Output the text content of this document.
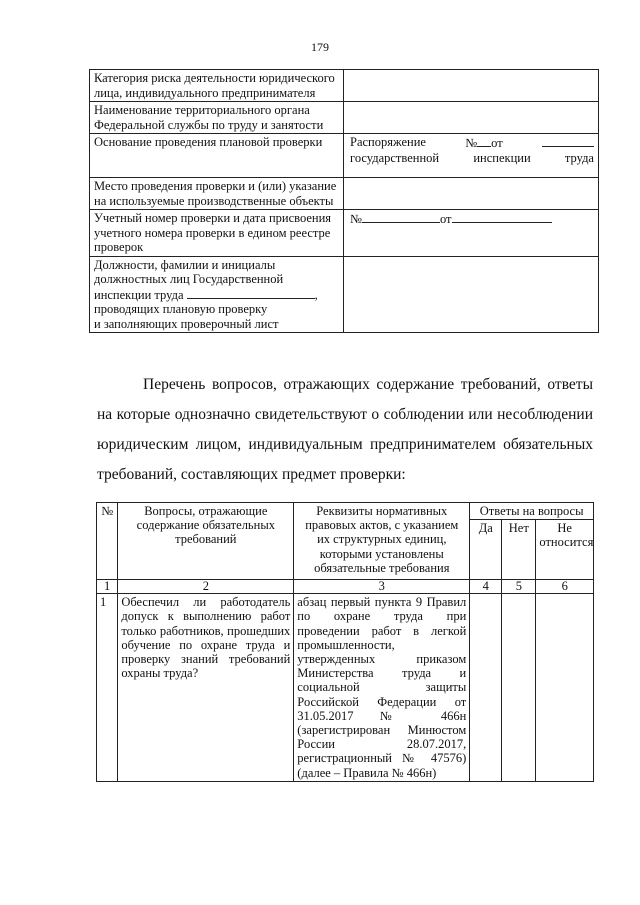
179
Категория риска деятельности юридического лица, индивидуального предпринимателя	
Наименование территориального органа Федеральной службы по труду и занятости	
Основание проведения плановой проверки	Распоряжение № от
государственной инспекции труда

Место проведения проверки и (или) указание на используемые производственные объекты	
Учетный номер проверки и дата присвоения учетного номера проверки в едином реестре проверок	№ от

Должности, фамилии и инициалы
должностных лиц Государственной
инспекции труда ,
проводящих плановую проверку
и заполняющих проверочный лист	

Перечень вопросов, отражающих содержание требований, ответы на которые однозначно свидетельствуют о соблюдении или несоблюдении юридическим лицом, индивидуальным предпринимателем обязательных требований, составляющих предмет проверки:

№	Вопросы, отражающие содержание обязательных требований	Реквизиты нормативных правовых актов, с указанием их структурных единиц, которыми установлены обязательные требования	Ответы на вопросы		
			Да	Нет	Не относится
1	2	3	4	5	6
1	Обеспечил ли работодатель допуск к выполнению работ только работников, прошедших обучение по охране труда и проверку знаний требований охраны труда?	абзац первый пункта 9 Правил по охране труда при проведении работ в легкой промышленности, утвержденных приказом Министерства труда и социальной защиты Российской Федерации от 31.05.2017 № 466н (зарегистрирован Минюстом России 28.07.2017, регистрационный № 47576) (далее – Правила № 466н)			
